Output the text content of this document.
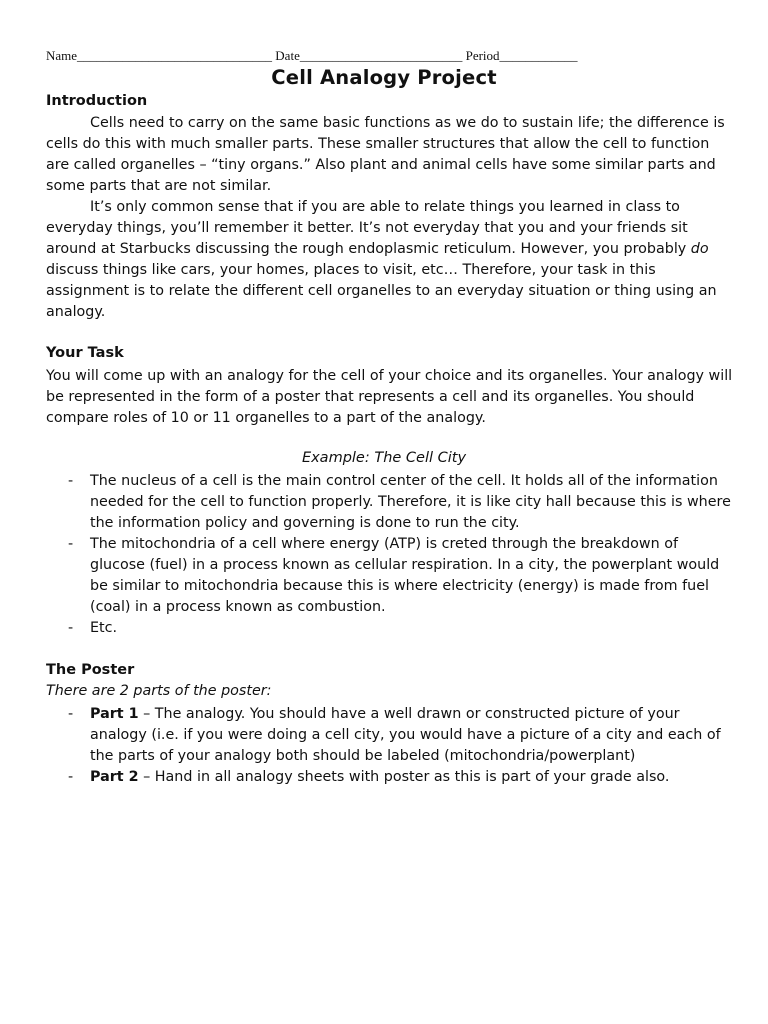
Name______________________________ Date_________________________ Period____________
Cell Analogy Project
Introduction

Cells need to carry on the same basic functions as we do to sustain life; the difference is cells do this with much smaller parts. These smaller structures that allow the cell to function are called organelles – “tiny organs.” Also plant and animal cells have some similar parts and some parts that are not similar.

It’s only common sense that if you are able to relate things you learned in class to everyday things, you’ll remember it better. It’s not everyday that you and your friends sit around at Starbucks discussing the rough endoplasmic reticulum. However, you probably do discuss things like cars, your homes, places to visit, etc… Therefore, your task in this assignment is to relate the different cell organelles to an everyday situation or thing using an analogy.

Your Task

You will come up with an analogy for the cell of your choice and its organelles. Your analogy will be represented in the form of a poster that represents a cell and its organelles. You should compare roles of 10 or 11 organelles to a part of the analogy.

Example: The Cell City
- The nucleus of a cell is the main control center of the cell. It holds all of the information needed for the cell to function properly. Therefore, it is like city hall because this is where the information policy and governing is done to run the city.
- The mitochondria of a cell where energy (ATP) is creted through the breakdown of glucose (fuel) in a process known as cellular respiration. In a city, the powerplant would be similar to mitochondria because this is where electricity (energy) is made from fuel (coal) in a process known as combustion.
- Etc.
The Poster
There are 2 parts of the poster:
- Part 1 – The analogy. You should have a well drawn or constructed picture of your analogy (i.e. if you were doing a cell city, you would have a picture of a city and each of the parts of your analogy both should be labeled (mitochondria/powerplant)
- Part 2 – Hand in all analogy sheets with poster as this is part of your grade also.
